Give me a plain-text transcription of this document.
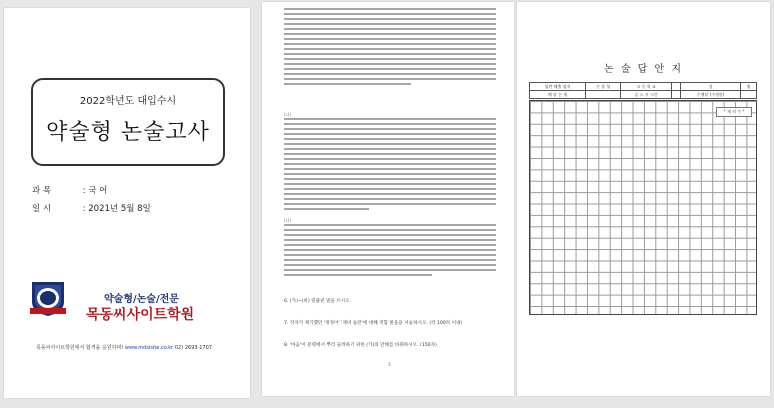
2022학년도 대입수시
약술형 논술고사
과 목	: 국 어
일 시	: 2021년 5월 8일
약술형/논술/전문
목동씨사이트학원
목동씨사이트학원에서 합격을 응원하며! www.mdsisite.co.kr 02) 2693-1707
(나)
(다)
6. (가)~(바) 밑줄친 말을 쓰시오.
7. 작자가 제기했던 '정경이' '제비 숲잔'에 대해 적합 말을을 서술하시오. (각 100자 이내)
8. '마음'이 분명에서 뿌리 들려하기 위한 (가)의 만해를 바꿔하시오. (150자)
3
논 술 답 안 지
임반 해출 임적	신 청 형	고 등 학 교		성	명
해 당 논 제		공 스 시 시간		수행달 (수정한)	
* 재 의 수 *
